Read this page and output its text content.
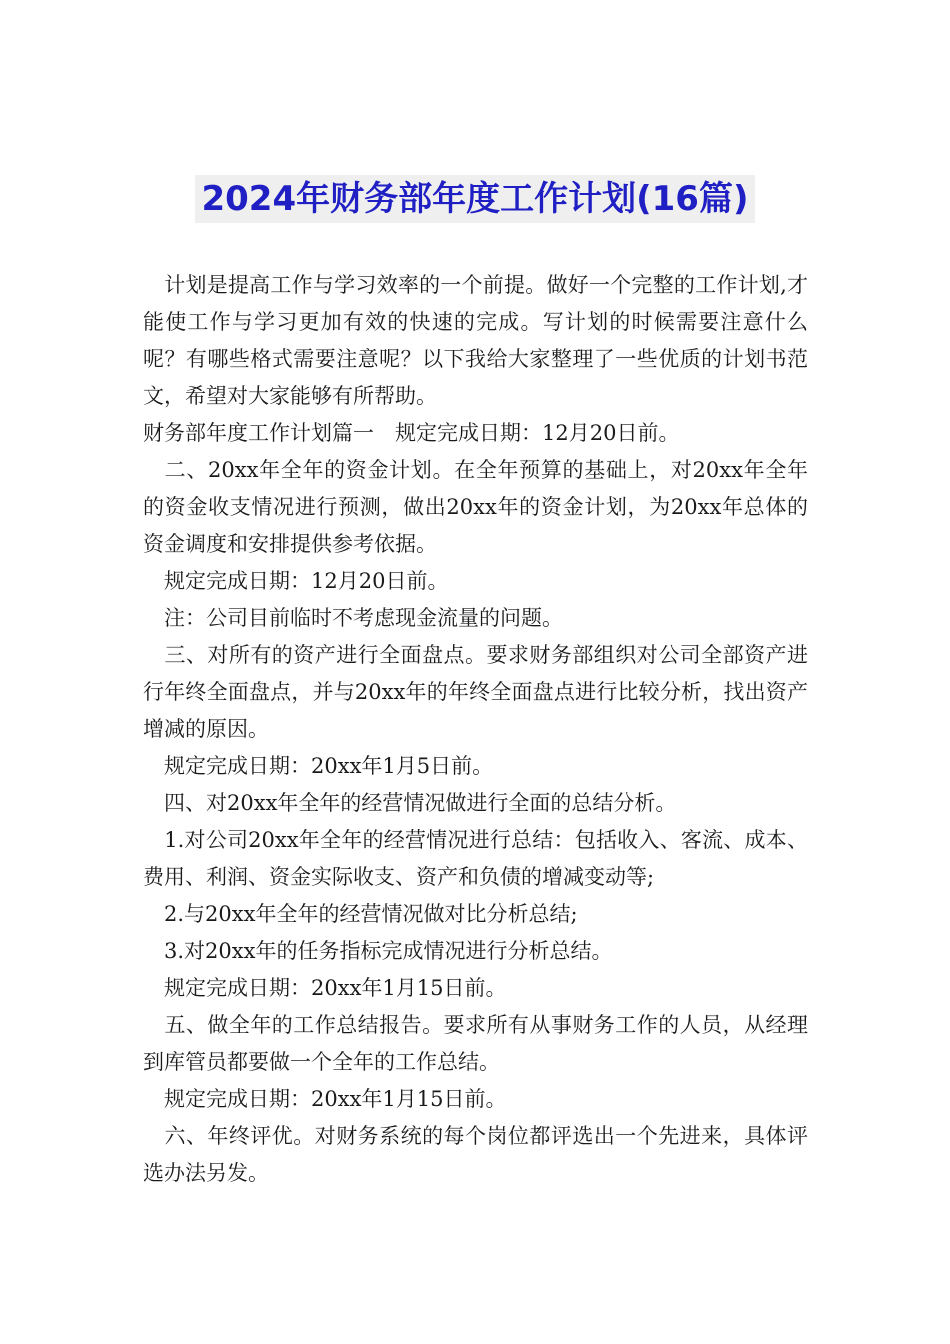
2024年财务部年度工作计划(16篇)

　计划是提高工作与学习效率的一个前提。做好一个完整的工作计划,才能使工作与学习更加有效的快速的完成。写计划的时候需要注意什么呢？有哪些格式需要注意呢？以下我给大家整理了一些优质的计划书范文，希望对大家能够有所帮助。

财务部年度工作计划篇一　规定完成日期：12月20日前。

　二、20xx年全年的资金计划。在全年预算的基础上，对20xx年全年的资金收支情况进行预测，做出20xx年的资金计划，为20xx年总体的资金调度和安排提供参考依据。

　规定完成日期：12月20日前。

　注：公司目前临时不考虑现金流量的问题。

　三、对所有的资产进行全面盘点。要求财务部组织对公司全部资产进行年终全面盘点，并与20xx年的年终全面盘点进行比较分析，找出资产增减的原因。

　规定完成日期：20xx年1月5日前。

　四、对20xx年全年的经营情况做进行全面的总结分析。

　1.对公司20xx年全年的经营情况进行总结：包括收入、客流、成本、费用、利润、资金实际收支、资产和负债的增减变动等;

　2.与20xx年全年的经营情况做对比分析总结;

　3.对20xx年的任务指标完成情况进行分析总结。

　规定完成日期：20xx年1月15日前。

　五、做全年的工作总结报告。要求所有从事财务工作的人员，从经理到库管员都要做一个全年的工作总结。

　规定完成日期：20xx年1月15日前。

　六、年终评优。对财务系统的每个岗位都评选出一个先进来，具体评选办法另发。
